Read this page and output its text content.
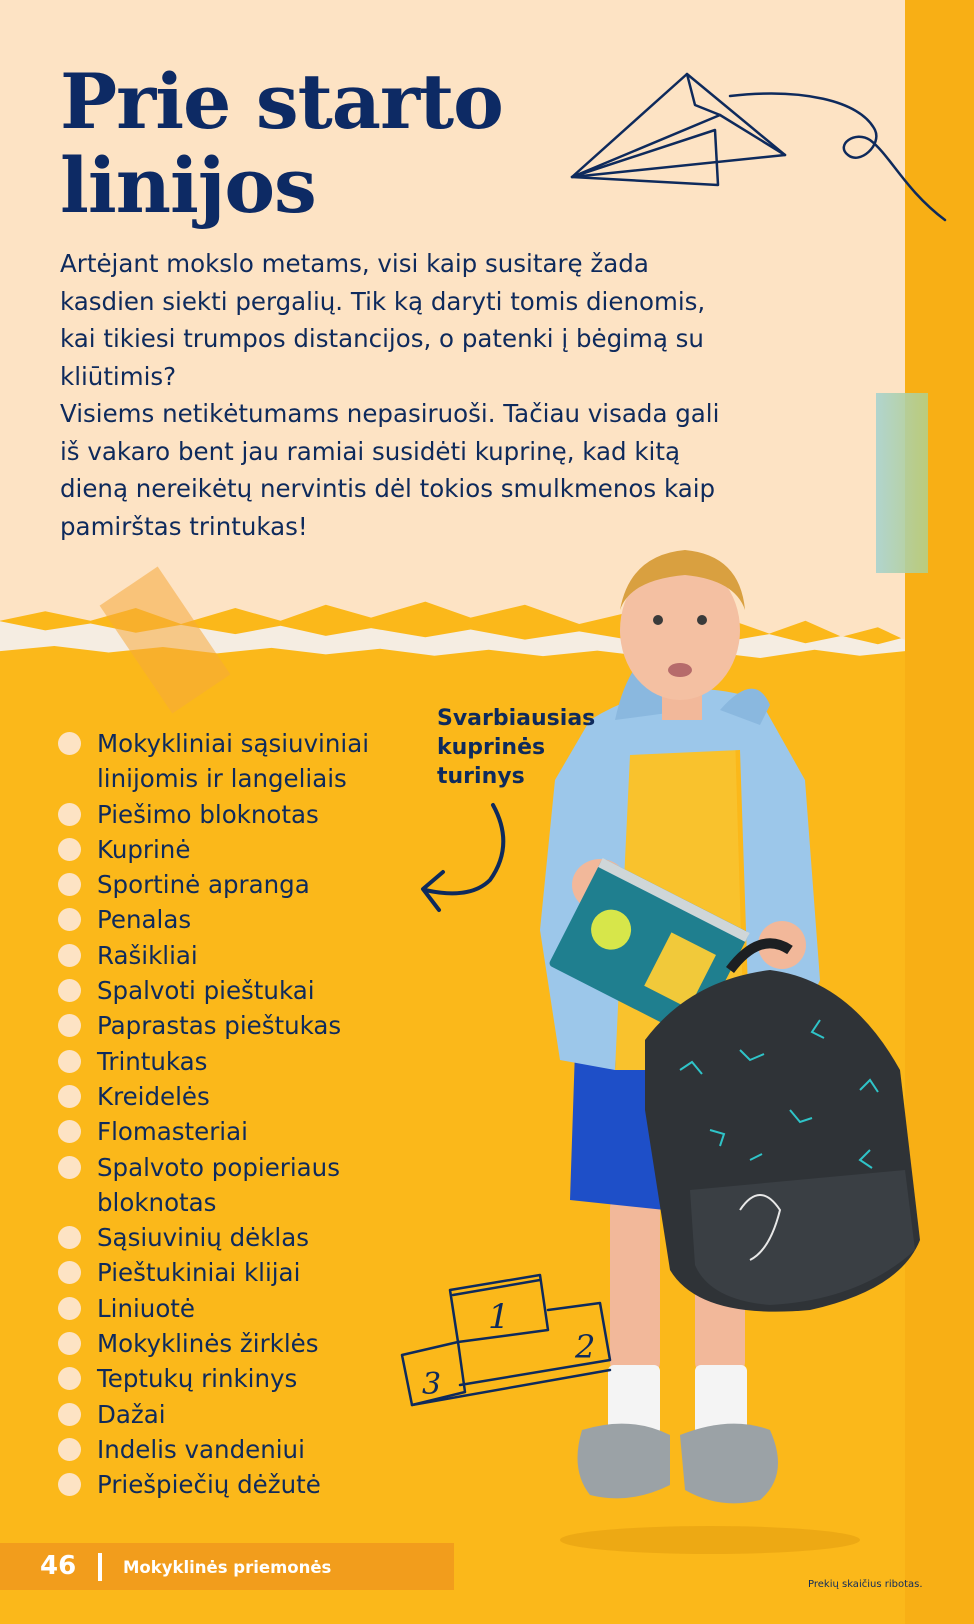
Prie starto
linijos

Artėjant mokslo metams, visi kaip susitarę žada kasdien siekti pergalių. Tik ką daryti tomis dienomis, kai tikiesi trumpos distancijos, o patenki į bėgimą su kliūtimis?

Visiems netikėtumams nepasiruoši. Tačiau visada gali iš vakaro bent jau ramiai susidėti kuprinę, kad kitą dieną nereikėtų nervintis dėl tokios smulkmenos kaip pamirštas trintukas!

Svarbiausias
kuprinės
turinys
Mokykliniai sąsiuviniai linijomis ir langeliais
Piešimo bloknotas
Kuprinė
Sportinė apranga
Penalas
Rašikliai
Spalvoti pieštukai
Paprastas pieštukas
Trintukas
Kreidelės
Flomasteriai
Spalvoto popieriaus bloknotas
Sąsiuvinių dėklas
Pieštukiniai klijai
Liniuotė
Mokyklinės žirklės
Teptukų rinkinys
Dažai
Indelis vandeniui
Priešpiečių dėžutė
1
2
3
46	Mokyklinės priemonės
Prekių skaičius ribotas.
